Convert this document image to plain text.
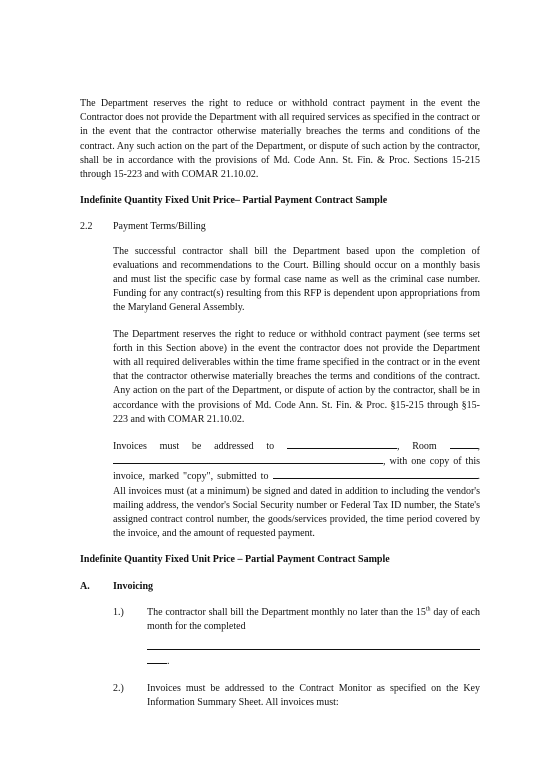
The Department reserves the right to reduce or withhold contract payment in the event the Contractor does not provide the Department with all required services as specified in the contract or in the event that the contractor otherwise materially breaches the terms and conditions of the contract. Any such action on the part of the Department, or dispute of such action by the contractor, shall be in accordance with the provisions of Md. Code Ann. St. Fin. & Proc. Sections 15-215 through 15-223 and with COMAR 21.10.02.

Indefinite Quantity Fixed Unit Price– Partial Payment Contract Sample

2.2	Payment Terms/Billing

The successful contractor shall bill the Department based upon the completion of evaluations and recommendations to the Court. Billing should occur on a monthly basis and must list the specific case by formal case name as well as the criminal case number. Funding for any contract(s) resulting from this RFP is dependent upon appropriations from the Maryland General Assembly.

The Department reserves the right to reduce or withhold contract payment (see terms set forth in this Section above) in the event the contractor does not provide the Department with all required deliverables within the time frame specified in the contract or in the event that the contractor otherwise materially breaches the terms and conditions of the contract. Any action on the part of the Department, or dispute of action by the contractor, shall be in accordance with the provisions of Md. Code Ann. St. Fin. & Proc. §15-215 through §15-223 and with COMAR 21.10.02.

Invoices must be addressed to	, Room	, , with one copy of this invoice, marked "copy", submitted to	. All invoices must (at a minimum) be signed and dated in addition to including the vendor's mailing address, the vendor's Social Security number or Federal Tax ID number, the State's assigned contract control number, the goods/services provided, the time period covered by the invoice, and the amount of requested payment.

Indefinite Quantity Fixed Unit Price – Partial Payment Contract Sample

A.	Invoicing
1.)	The contractor shall bill the Department monthly no later than the 15th day of each month for the completed
.
2.)	Invoices must be addressed to the Contract Monitor as specified on the Key Information Summary Sheet. All invoices must:
